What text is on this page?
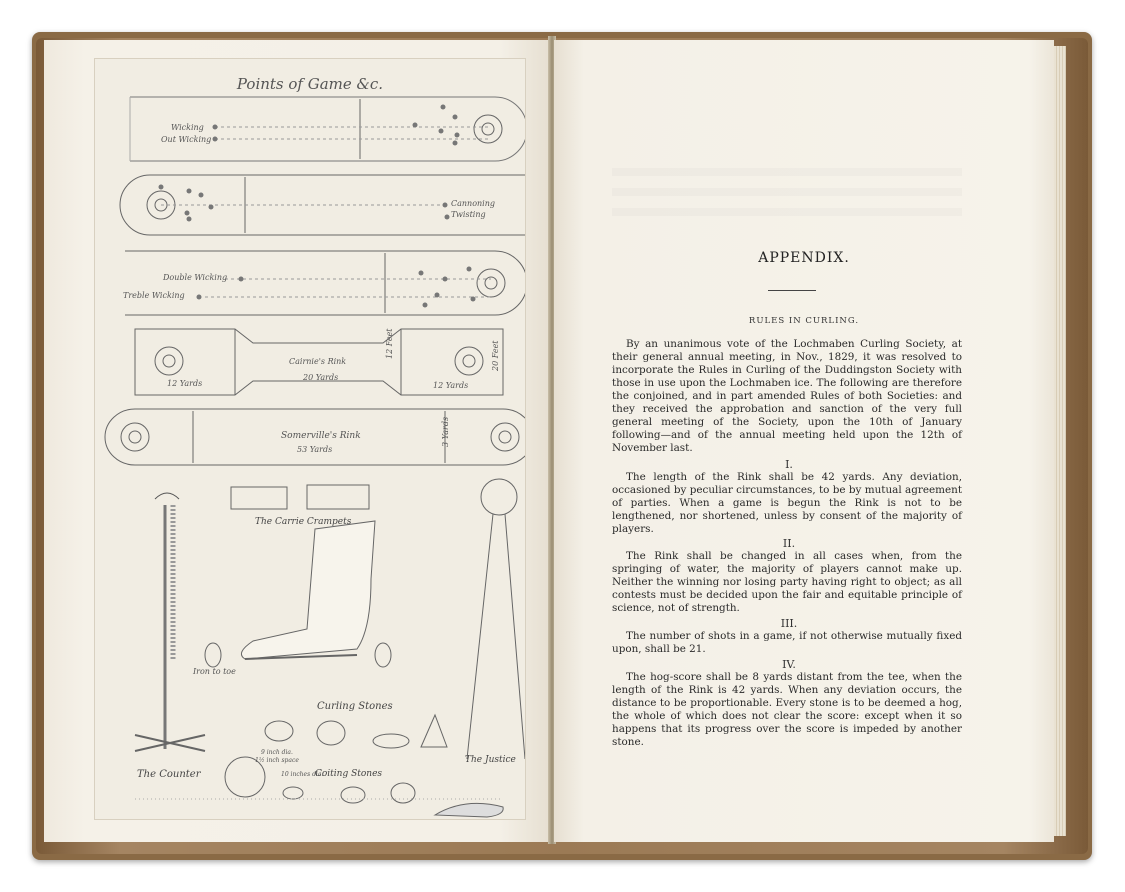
Points of Game &c.
Wicking
Out Wicking
Cannoning
Twisting
Double Wicking
Treble Wicking
Cairnie's Rink
12 Yards
20 Yards
12 Feet
12 Yards
20 Feet
Somerville's Rink
53 Yards
3 Yards
The Carrie Crampets
Iron to toe
Curling Stones
The Counter
9 inch dia.
1½ inch space
10 inches dia.
Coiting Stones
The Justice
APPENDIX.
RULES IN CURLING.
By an unanimous vote of the Lochmaben Curling Society, at their general annual meeting, in Nov., 1829, it was resolved to incorporate the Rules in Curling of the Duddingston Society with those in use upon the Lochmaben ice. The following are therefore the conjoined, and in part amended Rules of both Societies: and they received the approbation and sanction of the very full general meeting of the Society, upon the 10th of January following—and of the annual meeting held upon the 12th of November last.
I.
The length of the Rink shall be 42 yards. Any deviation, occasioned by peculiar circumstances, to be by mutual agreement of parties. When a game is begun the Rink is not to be lengthened, nor shortened, unless by consent of the majority of players.
II.
The Rink shall be changed in all cases when, from the springing of water, the majority of players cannot make up. Neither the winning nor losing party having right to object; as all contests must be decided upon the fair and equitable principle of science, not of strength.
III.
The number of shots in a game, if not otherwise mutually fixed upon, shall be 21.
IV.
The hog-score shall be 8 yards distant from the tee, when the length of the Rink is 42 yards. When any deviation occurs, the distance to be proportionable. Every stone is to be deemed a hog, the whole of which does not clear the score: except when it so happens that its progress over the score is impeded by another stone.
